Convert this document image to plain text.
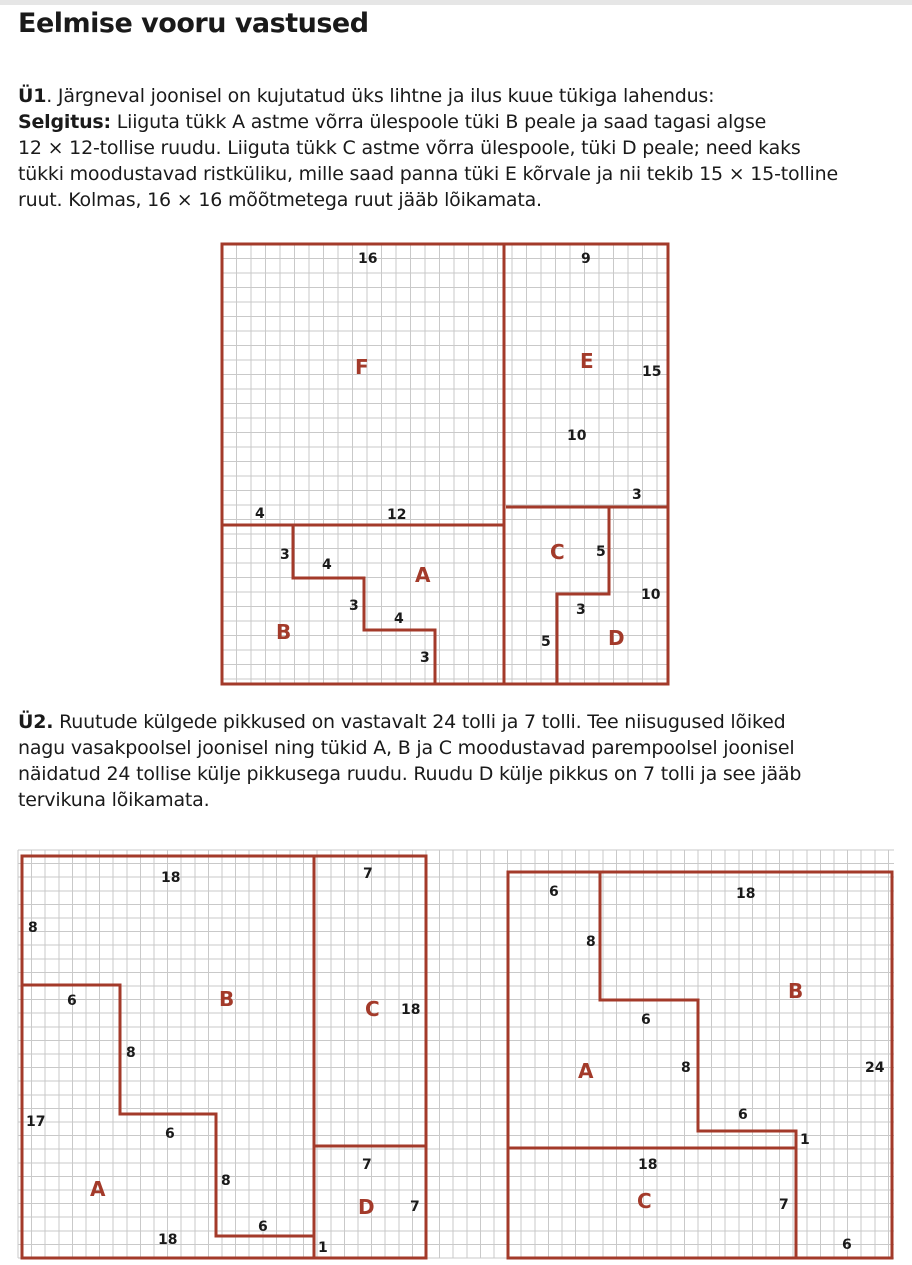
Eelmise vooru vastused

Ü1. Järgneval joonisel on kujutatud üks lihtne ja ilus kuue tükiga lahendus:
Selgitus: Liiguta tükk A astme võrra ülespoole tüki B peale ja saad tagasi algse
12 × 12-tollise ruudu. Liiguta tükk C astme võrra ülespoole, tüki D peale; need kaks
tükki moodustavad ristküliku, mille saad panna tüki E kõrvale ja nii tekib 15 × 15-tolline
ruut. Kolmas, 16 × 16 mõõtmetega ruut jääb lõikamata.

16	9
15
10
3
4	12
3
4
3
4
3
5
3
10
5
F	E
A
B
C
D

Ü2. Ruutude külgede pikkused on vastavalt 24 tolli ja 7 tolli. Tee niisugused lõiked
nagu vasakpoolsel joonisel ning tükid A, B ja C moodustavad parempoolsel joonisel
näidatud 24 tollise külje pikkusega ruudu. Ruudu D külje pikkus on 7 tolli ja see jääb
tervikuna lõikamata.

18	7
8
6
8
18
17
6
7
8
6
7
18	1
B	C
A
D
6	18
8
6
24
8
6
1
18
7
6
B
A
C
